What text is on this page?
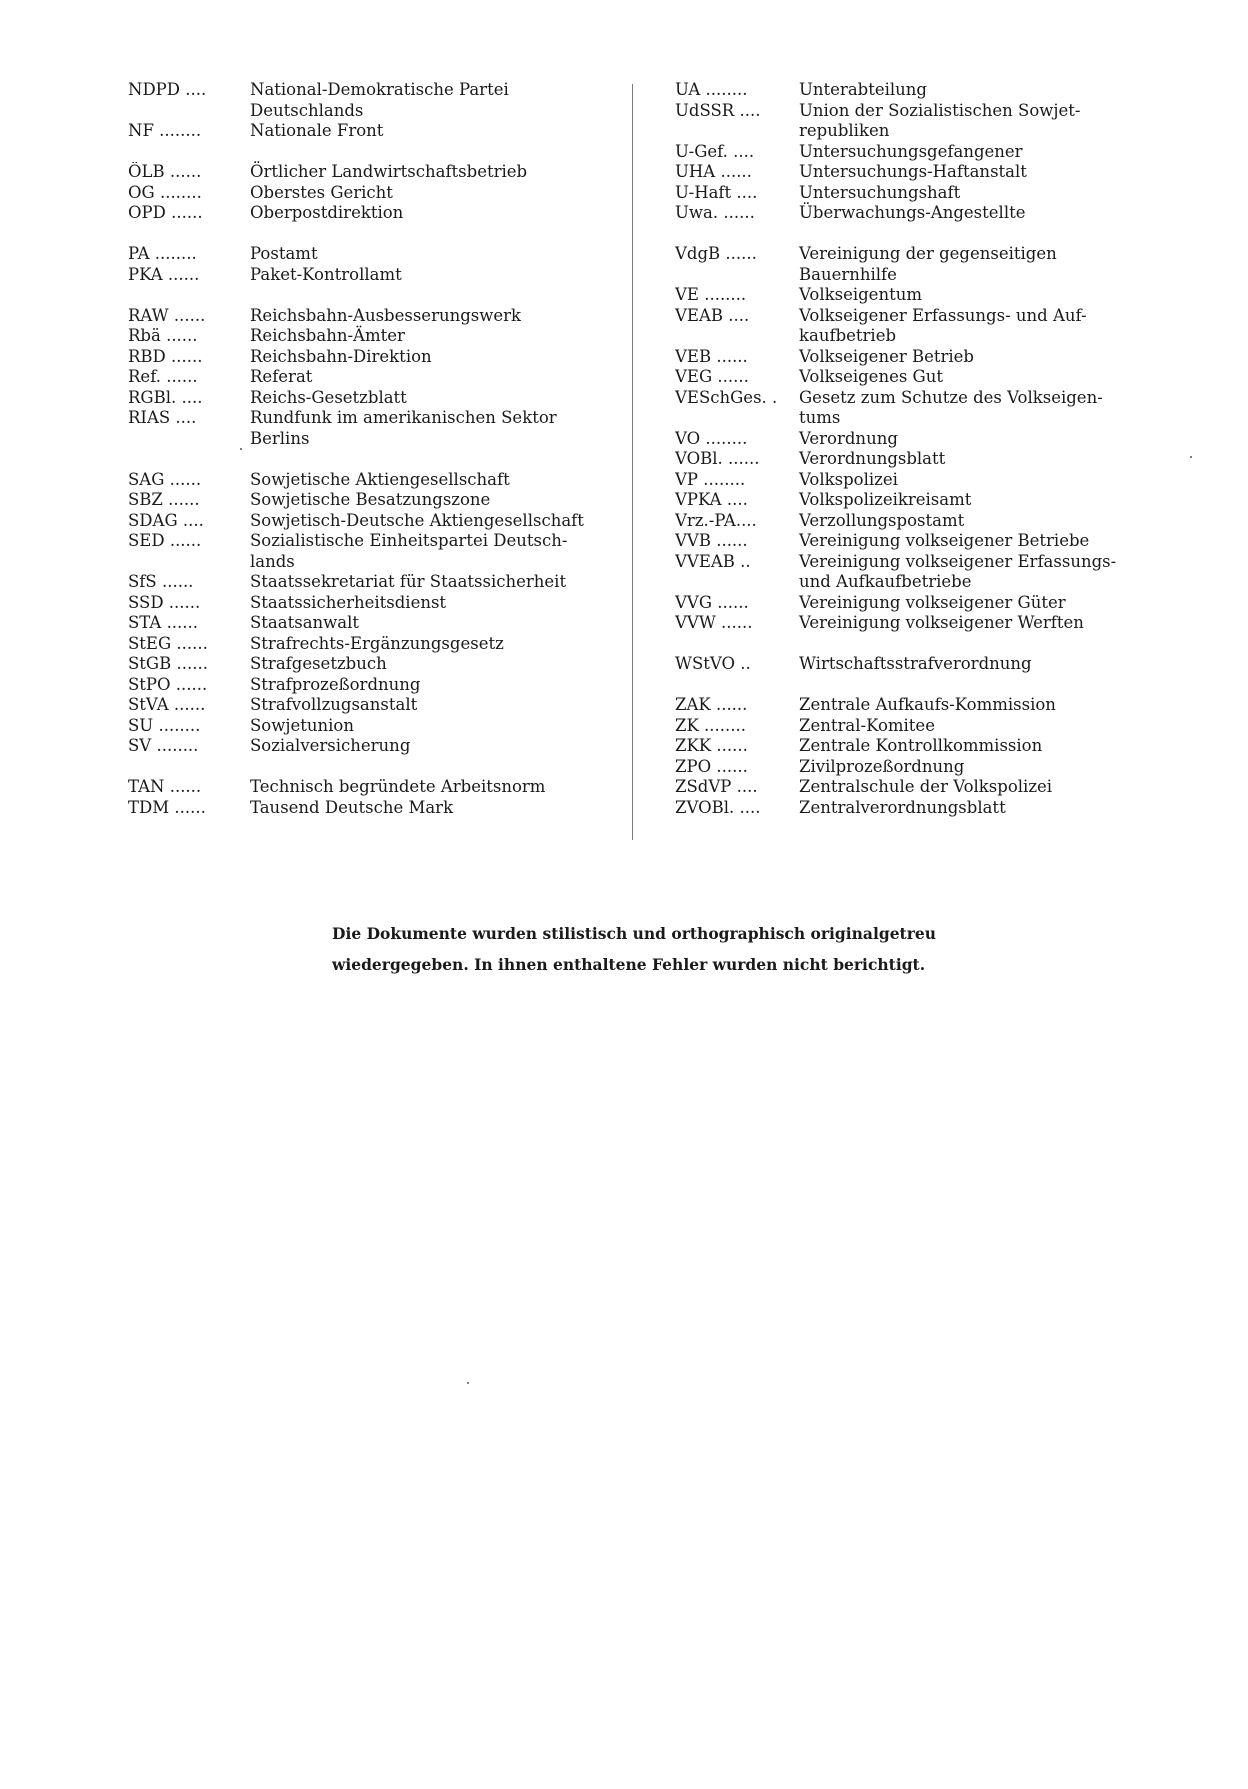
NDPD ....	National-Demokratische Partei
Deutschlands
NF ........	Nationale Front
ÖLB ......	Örtlicher Landwirtschaftsbetrieb
OG ........	Oberstes Gericht
OPD ......	Oberpostdirektion
PA ........	Postamt
PKA ......	Paket-Kontrollamt
RAW ......	Reichsbahn-Ausbesserungswerk
Rbä ......	Reichsbahn-Ämter
RBD ......	Reichsbahn-Direktion
Ref. ......	Referat
RGBl. ....	Reichs-Gesetzblatt
RIAS ....	Rundfunk im amerikanischen Sektor
Berlins
SAG ......	Sowjetische Aktiengesellschaft
SBZ ......	Sowjetische Besatzungszone
SDAG ....	Sowjetisch-Deutsche Aktiengesellschaft
SED ......	Sozialistische Einheitspartei Deutsch-
lands
SfS ......	Staatssekretariat für Staatssicherheit
SSD ......	Staatssicherheitsdienst
STA ......	Staatsanwalt
StEG ......	Strafrechts-Ergänzungsgesetz
StGB ......	Strafgesetzbuch
StPO ......	Strafprozeßordnung
StVA ......	Strafvollzugsanstalt
SU ........	Sowjetunion
SV ........	Sozialversicherung
TAN ......	Technisch begründete Arbeitsnorm
TDM ......	Tausend Deutsche Mark
UA ........	Unterabteilung
UdSSR ....	Union der Sozialistischen Sowjet-
republiken
U-Gef. ....	Untersuchungsgefangener
UHA ......	Untersuchungs-Haftanstalt
U-Haft ....	Untersuchungshaft
Uwa. ......	Überwachungs-Angestellte
VdgB ......	Vereinigung der gegenseitigen
Bauernhilfe
VE ........	Volkseigentum
VEAB ....	Volkseigener Erfassungs- und Auf-
kaufbetrieb
VEB ......	Volkseigener Betrieb
VEG ......	Volkseigenes Gut
VESchGes. .	Gesetz zum Schutze des Volkseigen-
tums
VO ........	Verordnung
VOBl. ......	Verordnungsblatt
VP ........	Volkspolizei
VPKA ....	Volkspolizeikreisamt
Vrz.-PA....	Verzollungspostamt
VVB ......	Vereinigung volkseigener Betriebe
VVEAB ..	Vereinigung volkseigener Erfassungs-
und Aufkaufbetriebe
VVG ......	Vereinigung volkseigener Güter
VVW ......	Vereinigung volkseigener Werften
WStVO ..	Wirtschaftsstrafverordnung
ZAK ......	Zentrale Aufkaufs-Kommission
ZK ........	Zentral-Komitee
ZKK ......	Zentrale Kontrollkommission
ZPO ......	Zivilprozeßordnung
ZSdVP ....	Zentralschule der Volkspolizei
ZVOBl. ....	Zentralverordnungsblatt
Die Dokumente wurden stilistisch und orthographisch originalgetreu
wiedergegeben. In ihnen enthaltene Fehler wurden nicht berichtigt.
